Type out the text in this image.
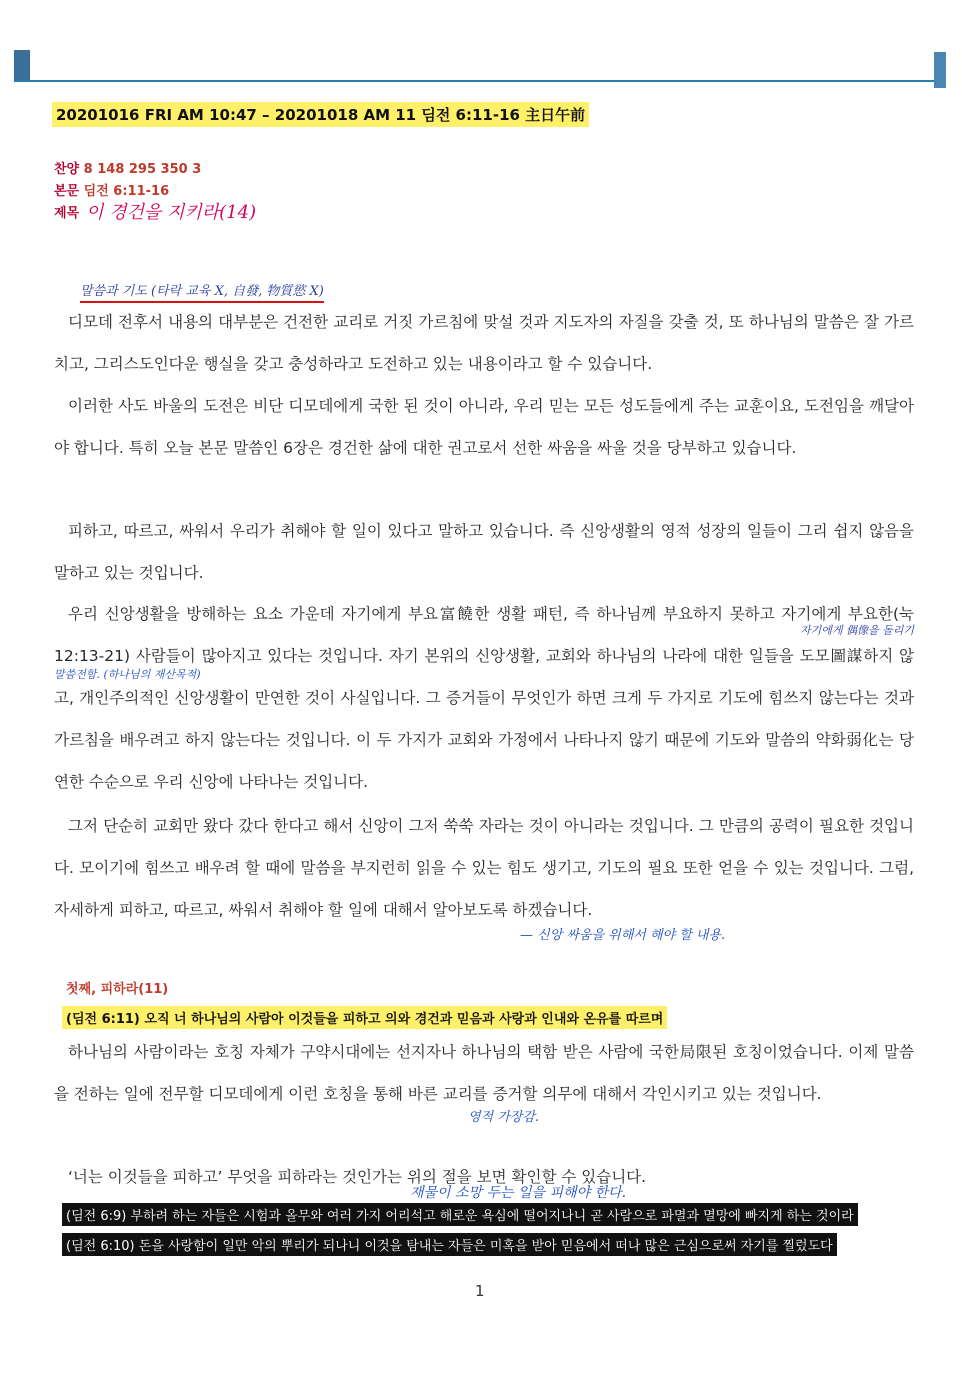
20201016 FRI AM 10:47 – 20201018 AM 11 딤전 6:11-16 主日午前
찬양 8 148 295 350 3
본문 딤전 6:11-16
제목 이 경건을 지키라(14)
말씀과 기도 (타락 교육 X, 自發, 物質慾 X)
디모데 전후서 내용의 대부분은 건전한 교리로 거짓 가르침에 맞설 것과 지도자의 자질을 갖출 것, 또 하나님의 말씀은 잘 가르치고, 그리스도인다운 행실을 갖고 충성하라고 도전하고 있는 내용이라고 할 수 있습니다.
이러한 사도 바울의 도전은 비단 디모데에게 국한 된 것이 아니라, 우리 믿는 모든 성도들에게 주는 교훈이요, 도전임을 깨달아야 합니다. 특히 오늘 본문 말씀인 6장은 경건한 삶에 대한 권고로서 선한 싸움을 싸울 것을 당부하고 있습니다.
피하고, 따르고, 싸워서 우리가 취해야 할 일이 있다고 말하고 있습니다. 즉 신앙생활의 영적 성장의 일들이 그리 쉽지 않음을 말하고 있는 것입니다.
자기에게 偶像을 돌리기
우리 신앙생활을 방해하는 요소 가운데 자기에게 부요富饒한 생활 패턴, 즉 하나님께 부요하지 못하고 자기에게 부요한(눅 12:13-21) 사람들이 많아지고 있다는 것입니다. 자기 본위의 신앙생활, 교회와 하나님의 나라에 대한 일들을 도모圖謀하지 않고, 개인주의적인 신앙생활이 만연한 것이 사실입니다. 그 증거들이 무엇인가 하면 크게 두 가지로 기도에 힘쓰지 않는다는 것과 가르침을 배우려고 하지 않는다는 것입니다. 이 두 가지가 교회와 가정에서 나타나지 않기 때문에 기도와 말씀의 약화弱化는 당연한 수순으로 우리 신앙에 나타나는 것입니다.
말씀전함. (하나님의 재산목적)
그저 단순히 교회만 왔다 갔다 한다고 해서 신앙이 그저 쑥쑥 자라는 것이 아니라는 것입니다. 그 만큼의 공력이 필요한 것입니다. 모이기에 힘쓰고 배우려 할 때에 말씀을 부지런히 읽을 수 있는 힘도 생기고, 기도의 필요 또한 얻을 수 있는 것입니다. 그럼, 자세하게 피하고, 따르고, 싸워서 취해야 할 일에 대해서 알아보도록 하겠습니다.
— 신앙 싸움을 위해서 해야 할 내용.
첫째, 피하라(11)
(딤전 6:11) 오직 너 하나님의 사람아 이것들을 피하고 의와 경건과 믿음과 사랑과 인내와 온유를 따르며
하나님의 사람이라는 호칭 자체가 구약시대에는 선지자나 하나님의 택함 받은 사람에 국한局限된 호칭이었습니다. 이제 말씀을 전하는 일에 전무할 디모데에게 이런 호칭을 통해 바른 교리를 증거할 의무에 대해서 각인시키고 있는 것입니다.
영적 가장감.
‘너는 이것들을 피하고’ 무엇을 피하라는 것인가는 위의 절을 보면 확인할 수 있습니다.
재물이 소망 두는 일을 피해야 한다.
(딤전 6:9) 부하려 하는 자들은 시험과 올무와 여러 가지 어리석고 해로운 욕심에 떨어지나니 곧 사람으로 파멸과 멸망에 빠지게 하는 것이라
(딤전 6:10) 돈을 사랑함이 일만 악의 뿌리가 되나니 이것을 탐내는 자들은 미혹을 받아 믿음에서 떠나 많은 근심으로써 자기를 찔렀도다
1
